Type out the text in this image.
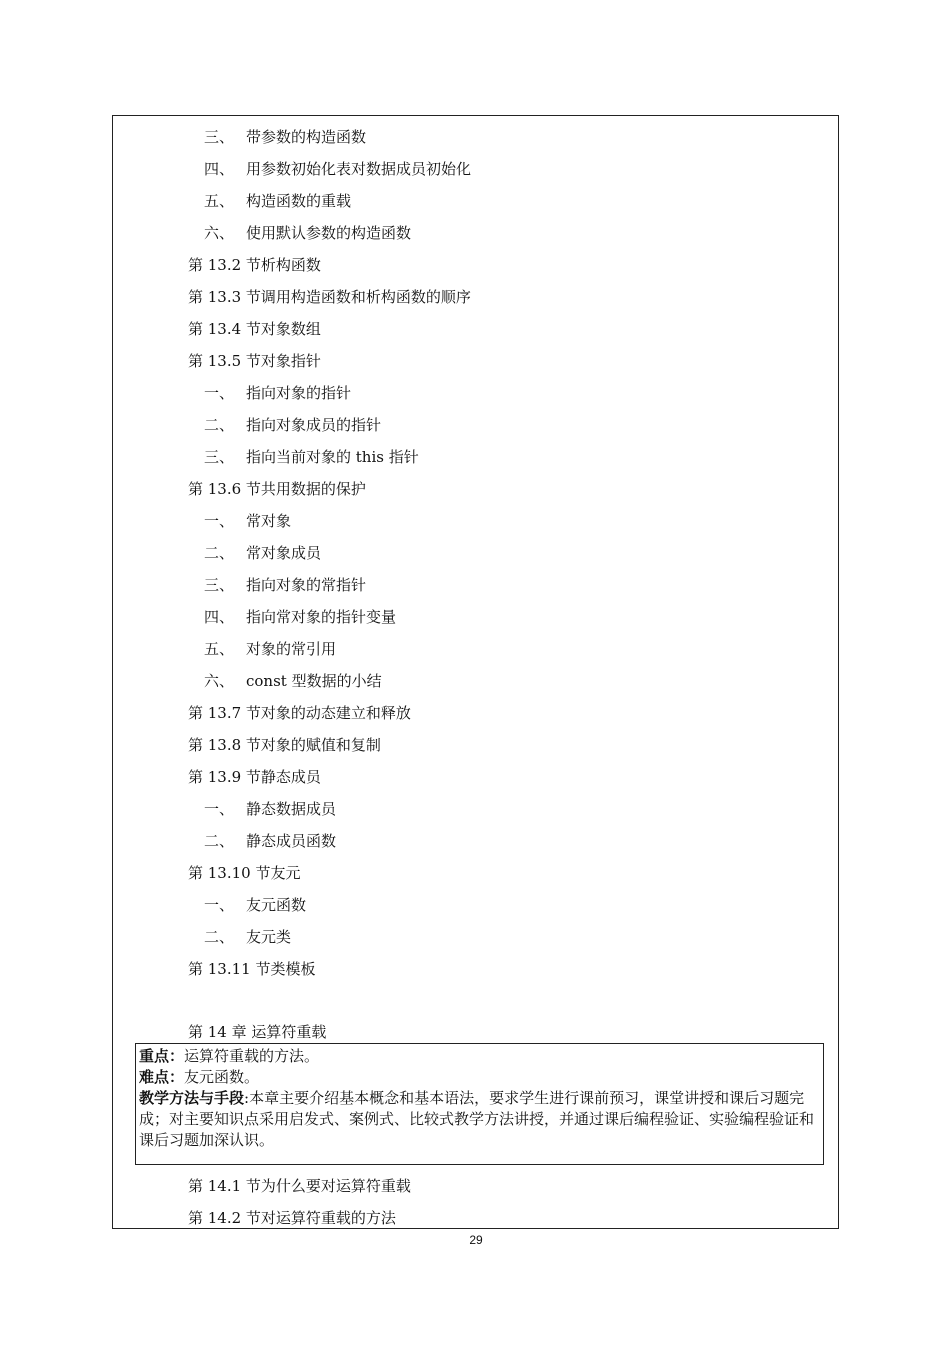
三、 带参数的构造函数
四、 用参数初始化表对数据成员初始化
五、 构造函数的重载
六、 使用默认参数的构造函数
第 13.2 节析构函数
第 13.3 节调用构造函数和析构函数的顺序
第 13.4 节对象数组
第 13.5 节对象指针
一、 指向对象的指针
二、 指向对象成员的指针
三、 指向当前对象的 this 指针
第 13.6 节共用数据的保护
一、 常对象
二、 常对象成员
三、 指向对象的常指针
四、 指向常对象的指针变量
五、 对象的常引用
六、 const 型数据的小结
第 13.7 节对象的动态建立和释放
第 13.8 节对象的赋值和复制
第 13.9 节静态成员
一、 静态数据成员
二、 静态成员函数
第 13.10 节友元
一、 友元函数
二、 友元类
第 13.11 节类模板
第 14 章 运算符重载

重点：运算符重载的方法。

难点：友元函数。

教学方法与手段:本章主要介绍基本概念和基本语法，要求学生进行课前预习，课堂讲授和课后习题完成；对主要知识点采用启发式、案例式、比较式教学方法讲授，并通过课后编程验证、实验编程验证和课后习题加深认识。

第 14.1 节为什么要对运算符重载
第 14.2 节对运算符重载的方法
29
